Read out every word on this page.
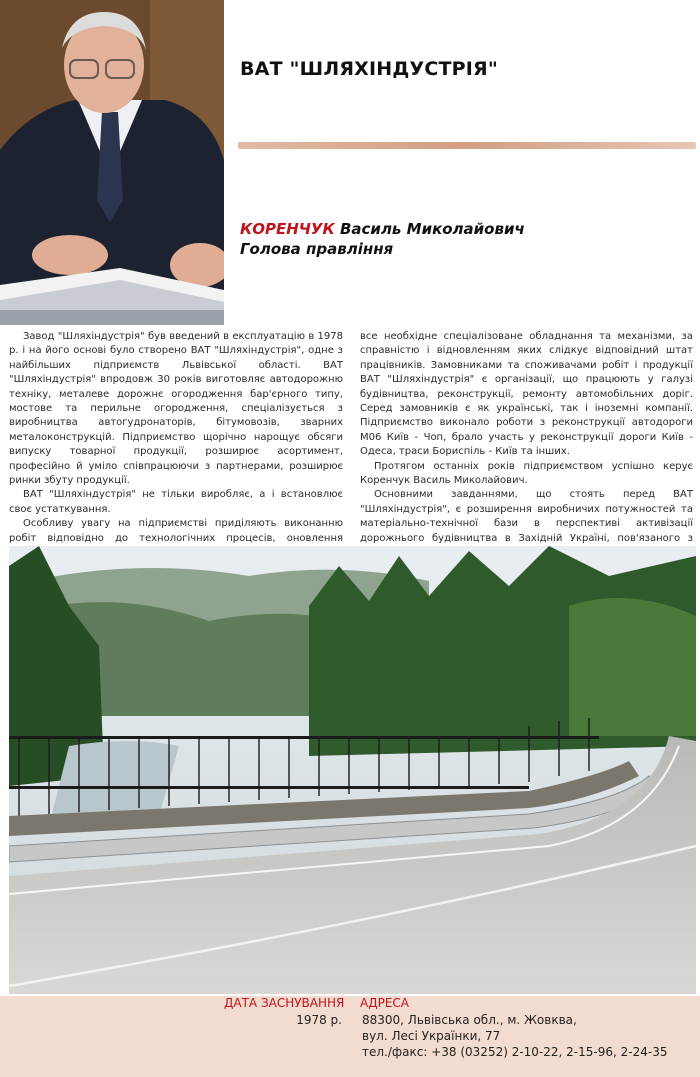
ВАТ "ШЛЯХІНДУСТРІЯ"

КОРЕНЧУК Василь Миколайович

Голова правління

Завод "Шляхіндустрія" був введений в експлуатацію в 1978 р. і на його основі було створено ВАТ "Шляхіндустрія", одне з найбільших підприємств Львівської області. ВАТ "Шляхіндустрія" впродовж 30 років виготовляє автодорожню техніку, металеве дорожнє огородження бар'єрного типу, мостове та перильне огородження, спеціалізується з виробництва автогудронаторів, бітумовозів, зварних металоконструкцій. Підприємство щорічно нарощує обсяги випуску товарної продукції, розширює асортимент, професійно й уміло співпрацюючи з партнерами, розширює ринки збуту продукції.

ВАТ "Шляхіндустрія" не тільки виробляє, а і встановлює своє устаткування.

Особливу увагу на підприємстві приділяють виконанню робіт відповідно до технологічних процесів, оновлення

все необхідне спеціалізоване обладнання та механізми, за справністю і відновленням яких слідкує відповідний штат працівників. Замовниками та споживачами робіт і продукції ВАТ "Шляхіндустрія" є організації, що працюють у галузі будівництва, реконструкції, ремонту автомобільних доріг. Серед замовників є як українські, так і іноземні компанії. Підприємство виконало роботи з реконструкції автодороги М06 Київ - Чоп, брало участь у реконструкції дороги Київ - Одеса, траси Бориспіль - Київ та інших.

Протягом останніх років підприємством успішно керує Коренчук Василь Миколайович.

Основними завданнями, що стоять перед ВАТ "Шляхіндустрія", є розширення виробничих потужностей та матеріально-технічної бази в перспективі активізації дорожнього будівництва в Західній Україні, пов'язаного з

ДАТА ЗАСНУВАННЯ

1978 р.

АДРЕСА

88300, Львівська обл., м. Жовква,
вул. Лесі Українки, 77
тел./факс: +38 (03252) 2-10-22, 2-15-96, 2-24-35
